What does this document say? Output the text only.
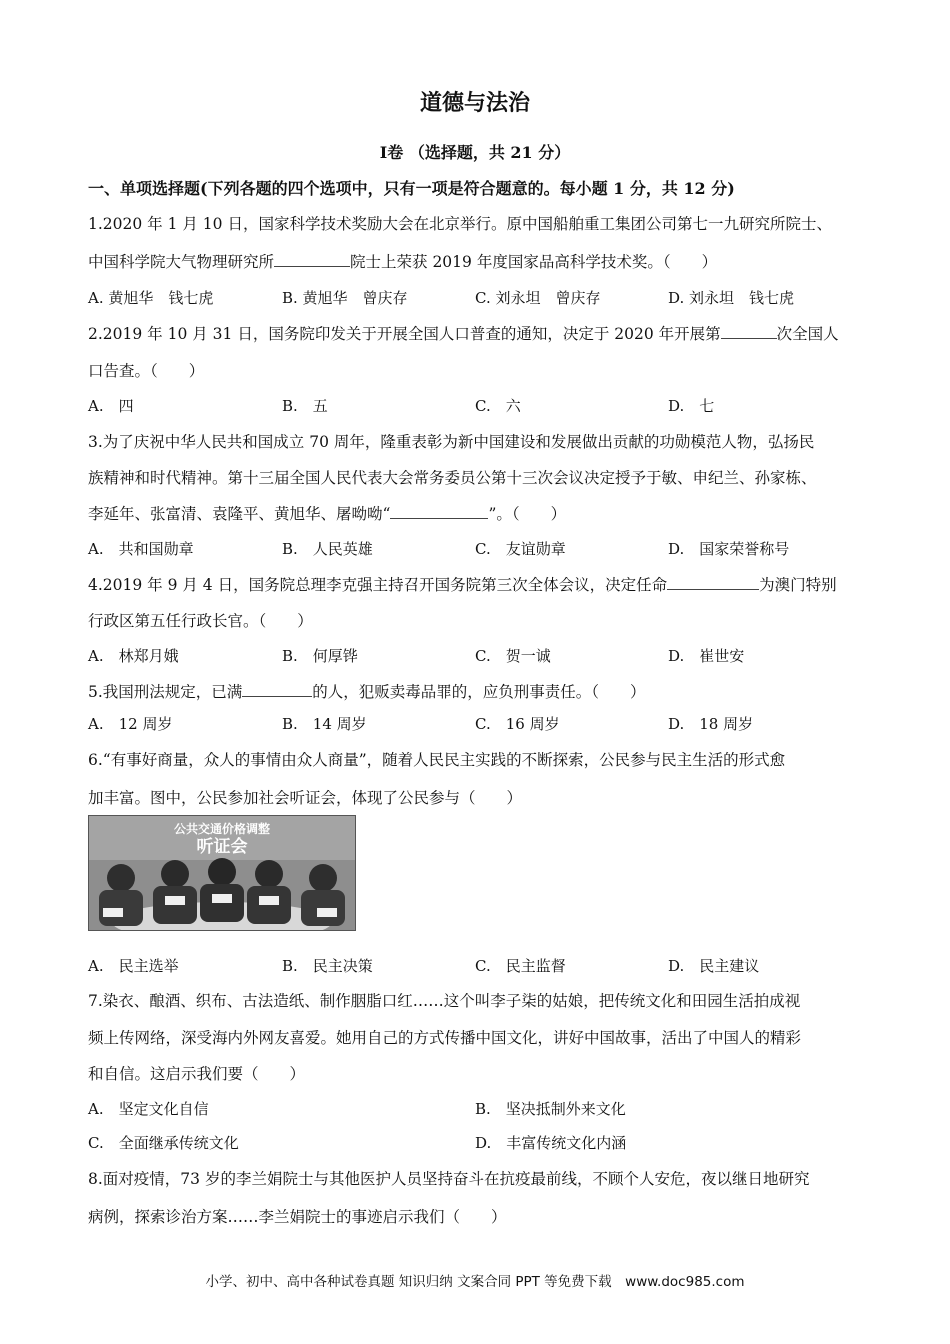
道德与法治
Ⅰ卷 （选择题，共 21 分）
一、单项选择题(下列各题的四个选项中，只有一项是符合题意的。每小题 1 分，共 12 分)
1.2020 年 1 月 10 日，国家科学技术奖励大会在北京举行。原中国船舶重工集团公司第七一九研究所院士、
中国科学院大气物理研究所	院士上荣获 2019 年度国家品高科学技术奖。（　　）
A. 黄旭华　钱七虎	B. 黄旭华　曾庆存	C. 刘永坦　曾庆存	D. 刘永坦　钱七虎
2.2019 年 10 月 31 日，国务院印发关于开展全国人口普查的通知，决定于 2020 年开展第	次全国人
口告查。（　　）
A.　四	B.　五	C.　六	D.　七
3.为了庆祝中华人民共和国成立 70 周年，隆重表彰为新中国建设和发展做出贡献的功勋模范人物，弘扬民
族精神和时代精神。第十三届全国人民代表大会常务委员公第十三次会议决定授予于敏、申纪兰、孙家栋、
李延年、张富清、袁隆平、黄旭华、屠呦呦“	”。（　　）
A.　共和国勋章	B.　人民英雄	C.　友谊勋章	D.　国家荣誉称号
4.2019 年 9 月 4 日，国务院总理李克强主持召开国务院第三次全体会议，决定任命	为澳门特别
行政区第五任行政长官。（　　）
A.　林郑月娥	B.　何厚铧	C.　贺一诚	D.　崔世安
5.我国刑法规定，已满	的人，犯贩卖毒品罪的，应负刑事责任。（　　）
A.　12 周岁	B.　14 周岁	C.　16 周岁	D.　18 周岁
6.“有事好商量，众人的事情由众人商量”，随着人民民主实践的不断探索，公民参与民主生活的形式愈
加丰富。图中，公民参加社会听证会，体现了公民参与（　　）
公共交通价格调整
听证会
A.　民主选举	B.　民主决策	C.　民主监督	D.　民主建议
7.染衣、酿酒、织布、古法造纸、制作胭脂口红……这个叫李子柒的姑娘，把传统文化和田园生活拍成视
频上传网络，深受海内外网友喜爱。她用自己的方式传播中国文化，讲好中国故事，活出了中国人的精彩
和自信。这启示我们要（　　）
A.　坚定文化自信	B.　坚决抵制外来文化
C.　全面继承传统文化	D.　丰富传统文化内涵
8.面对疫情，73 岁的李兰娟院士与其他医护人员坚持奋斗在抗疫最前线，不顾个人安危，夜以继日地研究
病例，探索诊治方案……李兰娟院士的事迹启示我们（　　）
小学、初中、高中各种试卷真题 知识归纳 文案合同 PPT 等免费下载　www.doc985.com
